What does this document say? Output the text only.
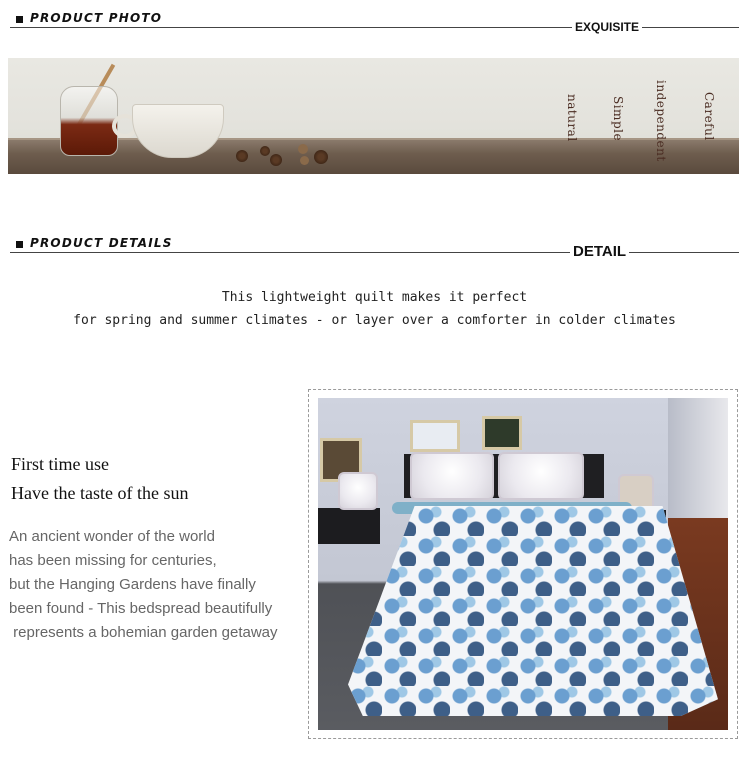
PRODUCT PHOTO
EXQUISITE
Careful
independent
Simple
natural
PRODUCT DETAILS	DETAIL
This lightweight quilt makes it perfect
for spring and summer climates - or layer over a comforter in colder climates
First time use
Have the taste of the sun
An ancient wonder of the world
has been missing for centuries,
but the Hanging Gardens have finally
been found - This bedspread beautifully
represents a bohemian garden getaway
